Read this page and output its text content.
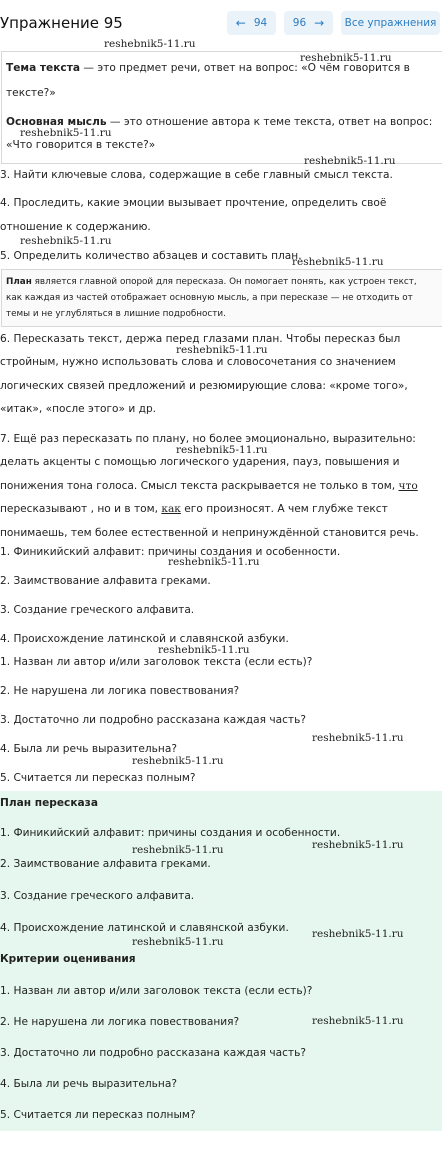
Упражнение 95	← 94 96 → Все упражнения
Тема текста — это предмет речи, ответ на вопрос: «О чём говорится в
тексте?»
Основная мысль — это отношение автора к теме текста, ответ на вопрос:
«Что говорится в тексте?»
3. Найти ключевые слова, содержащие в себе главный смысл текста.
4. Проследить, какие эмоции вызывает прочтение, определить своё
отношение к содержанию.
5. Определить количество абзацев и составить план.
План является главной опорой для пересказа. Он помогает понять, как устроен текст,
как каждая из частей отображает основную мысль, а при пересказе — не отходить от
темы и не углубляться в лишние подробности.
6. Пересказать текст, держа перед глазами план. Чтобы пересказ был
стройным, нужно использовать слова и словосочетания со значением
логических связей предложений и резюмирующие слова: «кроме того»,
«итак», «после этого» и др.
7. Ещё раз пересказать по плану, но более эмоционально, выразительно:
делать акценты с помощью логического ударения, пауз, повышения и
понижения тона голоса. Смысл текста раскрывается не только в том, что
пересказывают , но и в том, как его произносят. А чем глубже текст
понимаешь, тем более естественной и непринуждённой становится речь.
1. Финикийский алфавит: причины создания и особенности.
2. Заимствование алфавита греками.
3. Создание греческого алфавита.
4. Происхождение латинской и славянской азбуки.
1. Назван ли автор и/или заголовок текста (если есть)?
2. Не нарушена ли логика повествования?
3. Достаточно ли подробно рассказана каждая часть?
4. Была ли речь выразительна?
5. Считается ли пересказ полным?
План пересказа
1. Финикийский алфавит: причины создания и особенности.
2. Заимствование алфавита греками.
3. Создание греческого алфавита.
4. Происхождение латинской и славянской азбуки.
Критерии оценивания
1. Назван ли автор и/или заголовок текста (если есть)?
2. Не нарушена ли логика повествования?
3. Достаточно ли подробно рассказана каждая часть?
4. Была ли речь выразительна?
5. Считается ли пересказ полным?
reshebnik5-11.ru
reshebnik5-11.ru
reshebnik5-11.ru
reshebnik5-11.ru
reshebnik5-11.ru
reshebnik5-11.ru
reshebnik5-11.ru
reshebnik5-11.ru
reshebnik5-11.ru
reshebnik5-11.ru
reshebnik5-11.ru
reshebnik5-11.ru
reshebnik5-11.ru
reshebnik5-11.ru
reshebnik5-11.ru
reshebnik5-11.ru
reshebnik5-11.ru
